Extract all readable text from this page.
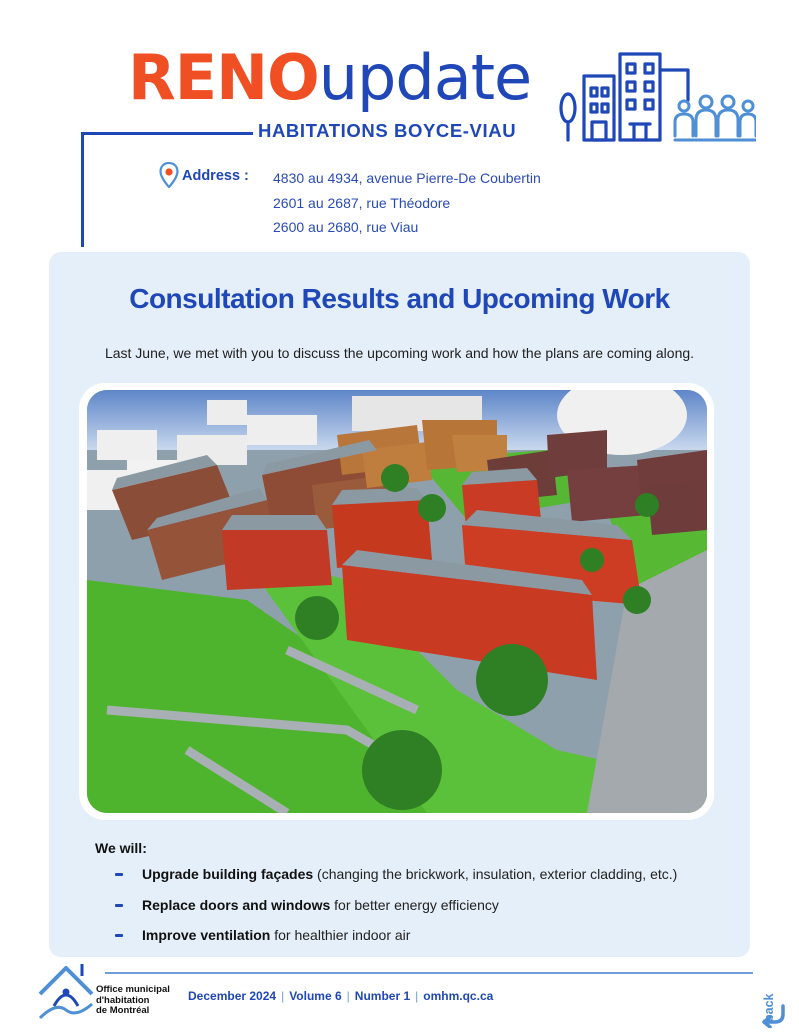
RENOupdate
HABITATIONS BOYCE-VIAU
Address : 4830 au 4934, avenue Pierre-De Coubertin
2601 au 2687, rue Théodore
2600 au 2680, rue Viau
Consultation Results and Upcoming Work
Last June, we met with you to discuss the upcoming work and how the plans are coming along.
We will:
Upgrade building façades (changing the brickwork, insulation, exterior cladding, etc.)
Replace doors and windows for better energy efficiency
Improve ventilation for healthier indoor air
Office municipal
d'habitation
de Montréal
December 2024 | Volume 6 | Number 1 | omhm.qc.ca	back
